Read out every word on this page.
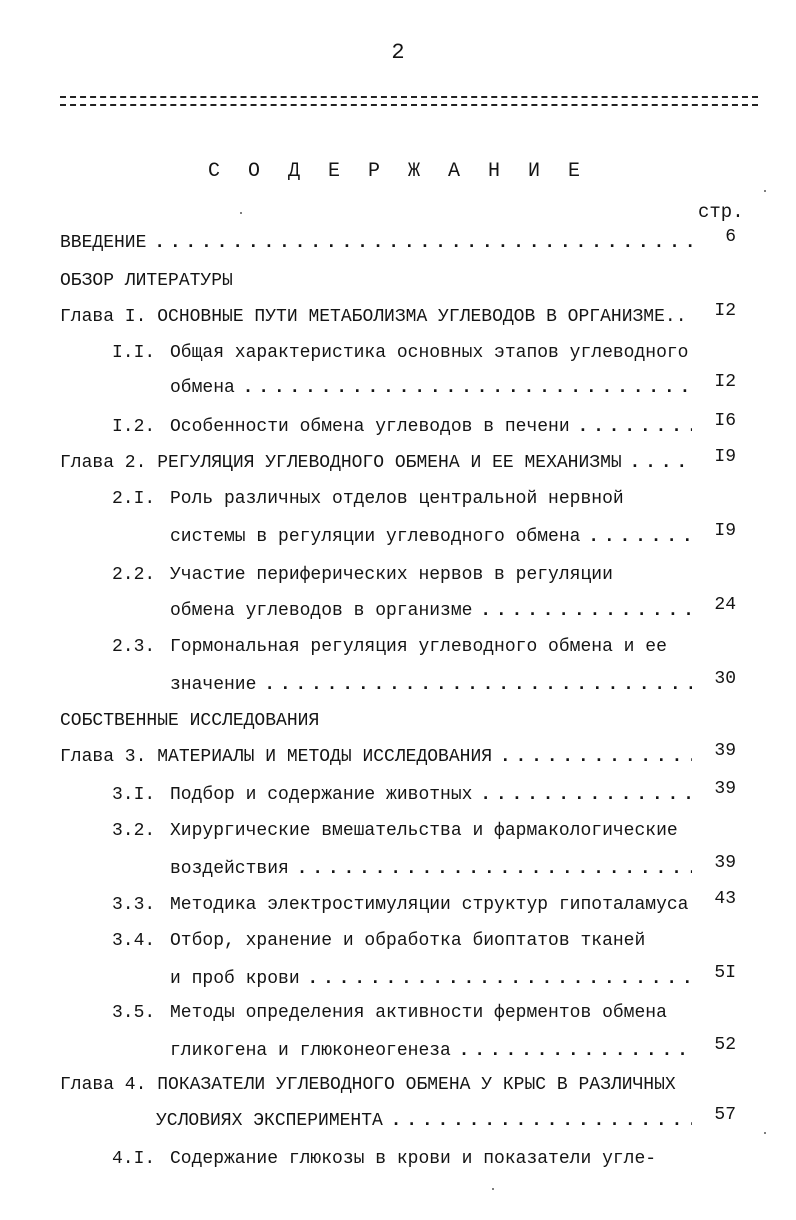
2
С О Д Е Р Ж А Н И Е
стр.
ВВЕДЕНИЕ . . .	6
ОБЗОР ЛИТЕРАТУРЫ
Глава I. ОСНОВНЫЕ ПУТИ МЕТАБОЛИЗМА УГЛЕВОДОВ В ОРГАНИЗМЕ.. I2
I.I. Общая характеристика основных этапов углеводного
обмена . . .	I2
I.2. Особенности обмена углеводов в печени . . .	I6
Глава 2. РЕГУЛЯЦИЯ УГЛЕВОДНОГО ОБМЕНА И ЕЕ МЕХАНИЗМЫ . . .	I9
2.I. Роль различных отделов центральной нервной
системы в регуляции углеводного обмена . . .	I9
2.2. Участие периферических нервов в регуляции
обмена углеводов в организме . . .	24
2.3. Гормональная регуляция углеводного обмена и ее
значение . . .	30
СОБСТВЕННЫЕ ИССЛЕДОВАНИЯ
Глава 3. МАТЕРИАЛЫ И МЕТОДЫ ИССЛЕДОВАНИЯ . . .	39
3.I. Подбор и содержание животных . . .	39
3.2. Хирургические вмешательства и фармакологические
воздействия . . .	39
3.3. Методика электростимуляции структур гипоталамуса 43
3.4. Отбор, хранение и обработка биоптатов тканей
и проб крови . . .	5I
3.5. Методы определения активности ферментов обмена
гликогена и глюконеогенеза . . .	52
Глава 4. ПОКАЗАТЕЛИ УГЛЕВОДНОГО ОБМЕНА У КРЫС В РАЗЛИЧНЫХ
УСЛОВИЯХ ЭКСПЕРИМЕНТА . . .	57
4.I. Содержание глюкозы в крови и показатели угле-
